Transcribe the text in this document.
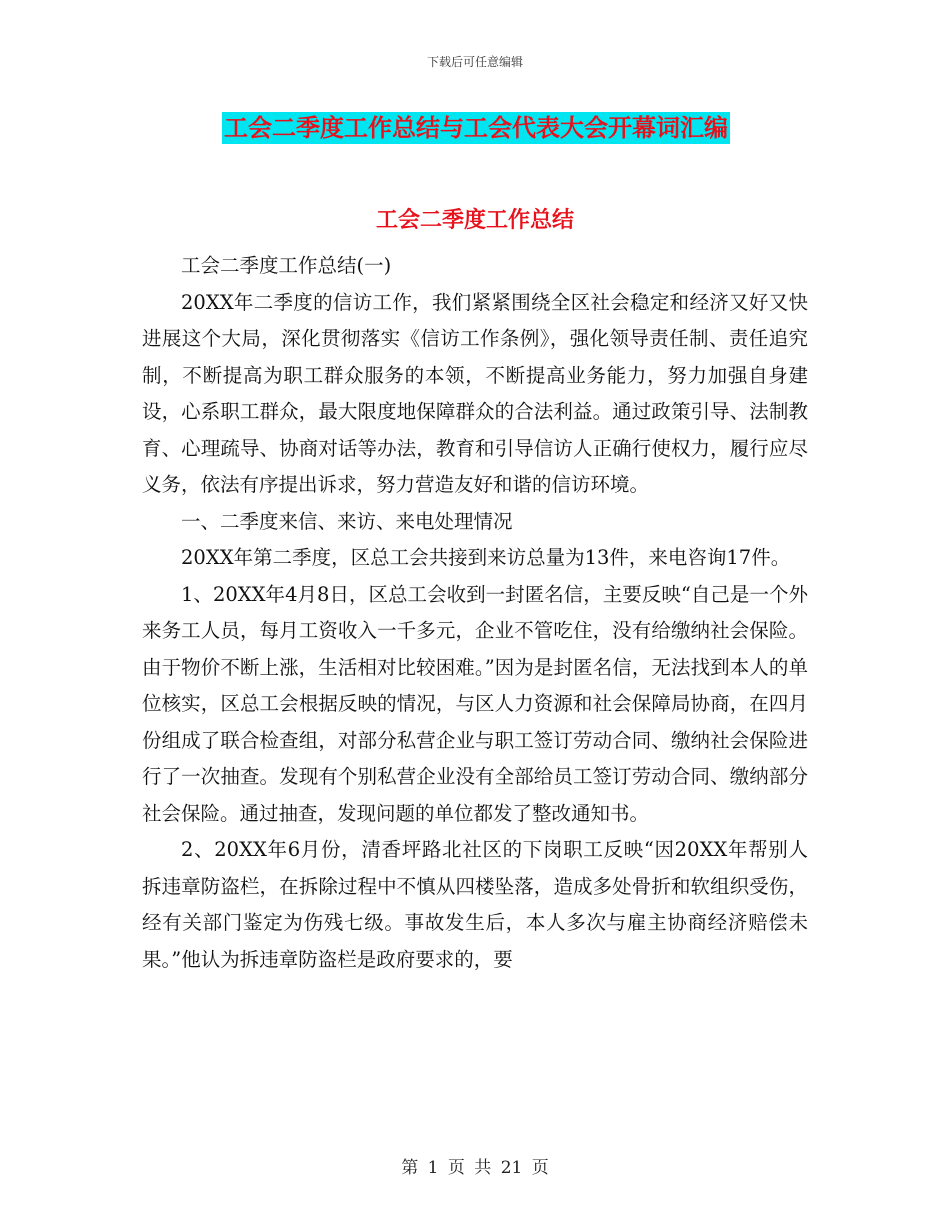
下载后可任意编辑
工会二季度工作总结与工会代表大会开幕词汇编
工会二季度工作总结

工会二季度工作总结(一)

20XX年二季度的信访工作，我们紧紧围绕全区社会稳定和经济又好又快进展这个大局，深化贯彻落实《信访工作条例》，强化领导责任制、责任追究制，不断提高为职工群众服务的本领，不断提高业务能力，努力加强自身建设，心系职工群众，最大限度地保障群众的合法利益。通过政策引导、法制教育、心理疏导、协商对话等办法，教育和引导信访人正确行使权力，履行应尽义务，依法有序提出诉求，努力营造友好和谐的信访环境。

一、二季度来信、来访、来电处理情况

20XX年第二季度，区总工会共接到来访总量为13件，来电咨询17件。

1、20XX年4月8日，区总工会收到一封匿名信，主要反映“自己是一个外来务工人员，每月工资收入一千多元，企业不管吃住，没有给缴纳社会保险。由于物价不断上涨，生活相对比较困难。”因为是封匿名信，无法找到本人的单位核实，区总工会根据反映的情况，与区人力资源和社会保障局协商，在四月份组成了联合检查组，对部分私营企业与职工签订劳动合同、缴纳社会保险进行了一次抽查。发现有个别私营企业没有全部给员工签订劳动合同、缴纳部分社会保险。通过抽查，发现问题的单位都发了整改通知书。

2、20XX年6月份，清香坪路北社区的下岗职工反映“因20XX年帮别人拆违章防盗栏，在拆除过程中不慎从四楼坠落，造成多处骨折和软组织受伤，经有关部门鉴定为伤残七级。事故发生后，本人多次与雇主协商经济赔偿未果。”他认为拆违章防盗栏是政府要求的，要

第 1 页 共 21 页
